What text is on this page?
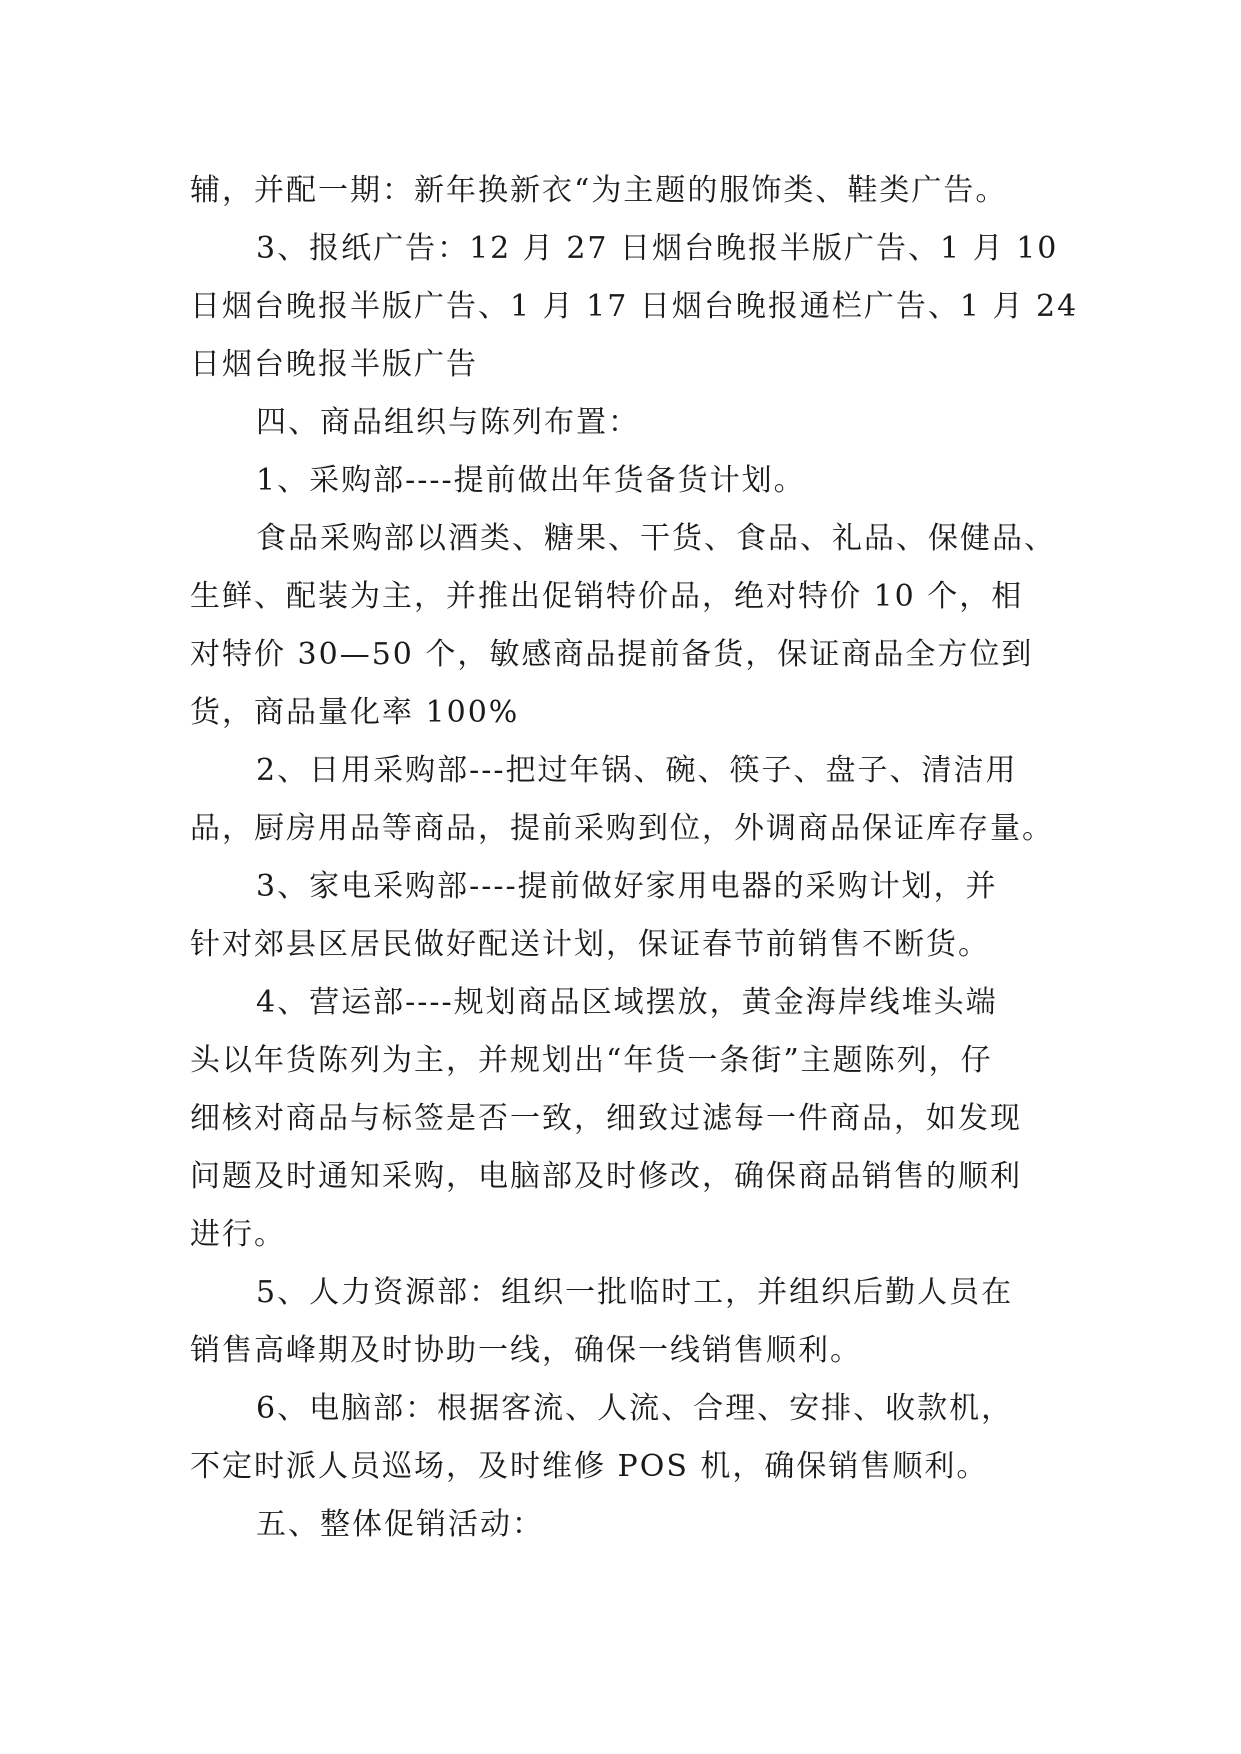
辅，并配一期：新年换新衣“为主题的服饰类、鞋类广告。
3、报纸广告：12 月 27 日烟台晚报半版广告、1 月 10
日烟台晚报半版广告、1 月 17 日烟台晚报通栏广告、1 月 24
日烟台晚报半版广告
四、商品组织与陈列布置：
1、采购部----提前做出年货备货计划。
食品采购部以酒类、糖果、干货、食品、礼品、保健品、
生鲜、配装为主，并推出促销特价品，绝对特价 10 个，相
对特价 30—50 个，敏感商品提前备货，保证商品全方位到
货，商品量化率 100%
2、日用采购部---把过年锅、碗、筷子、盘子、清洁用
品，厨房用品等商品，提前采购到位，外调商品保证库存量。
3、家电采购部----提前做好家用电器的采购计划，并
针对郊县区居民做好配送计划，保证春节前销售不断货。
4、营运部----规划商品区域摆放，黄金海岸线堆头端
头以年货陈列为主，并规划出“年货一条街”主题陈列，仔
细核对商品与标签是否一致，细致过滤每一件商品，如发现
问题及时通知采购，电脑部及时修改，确保商品销售的顺利
进行。
5、人力资源部：组织一批临时工，并组织后勤人员在
销售高峰期及时协助一线，确保一线销售顺利。
6、电脑部：根据客流、人流、合理、安排、收款机，
不定时派人员巡场，及时维修 POS 机，确保销售顺利。
五、整体促销活动：
